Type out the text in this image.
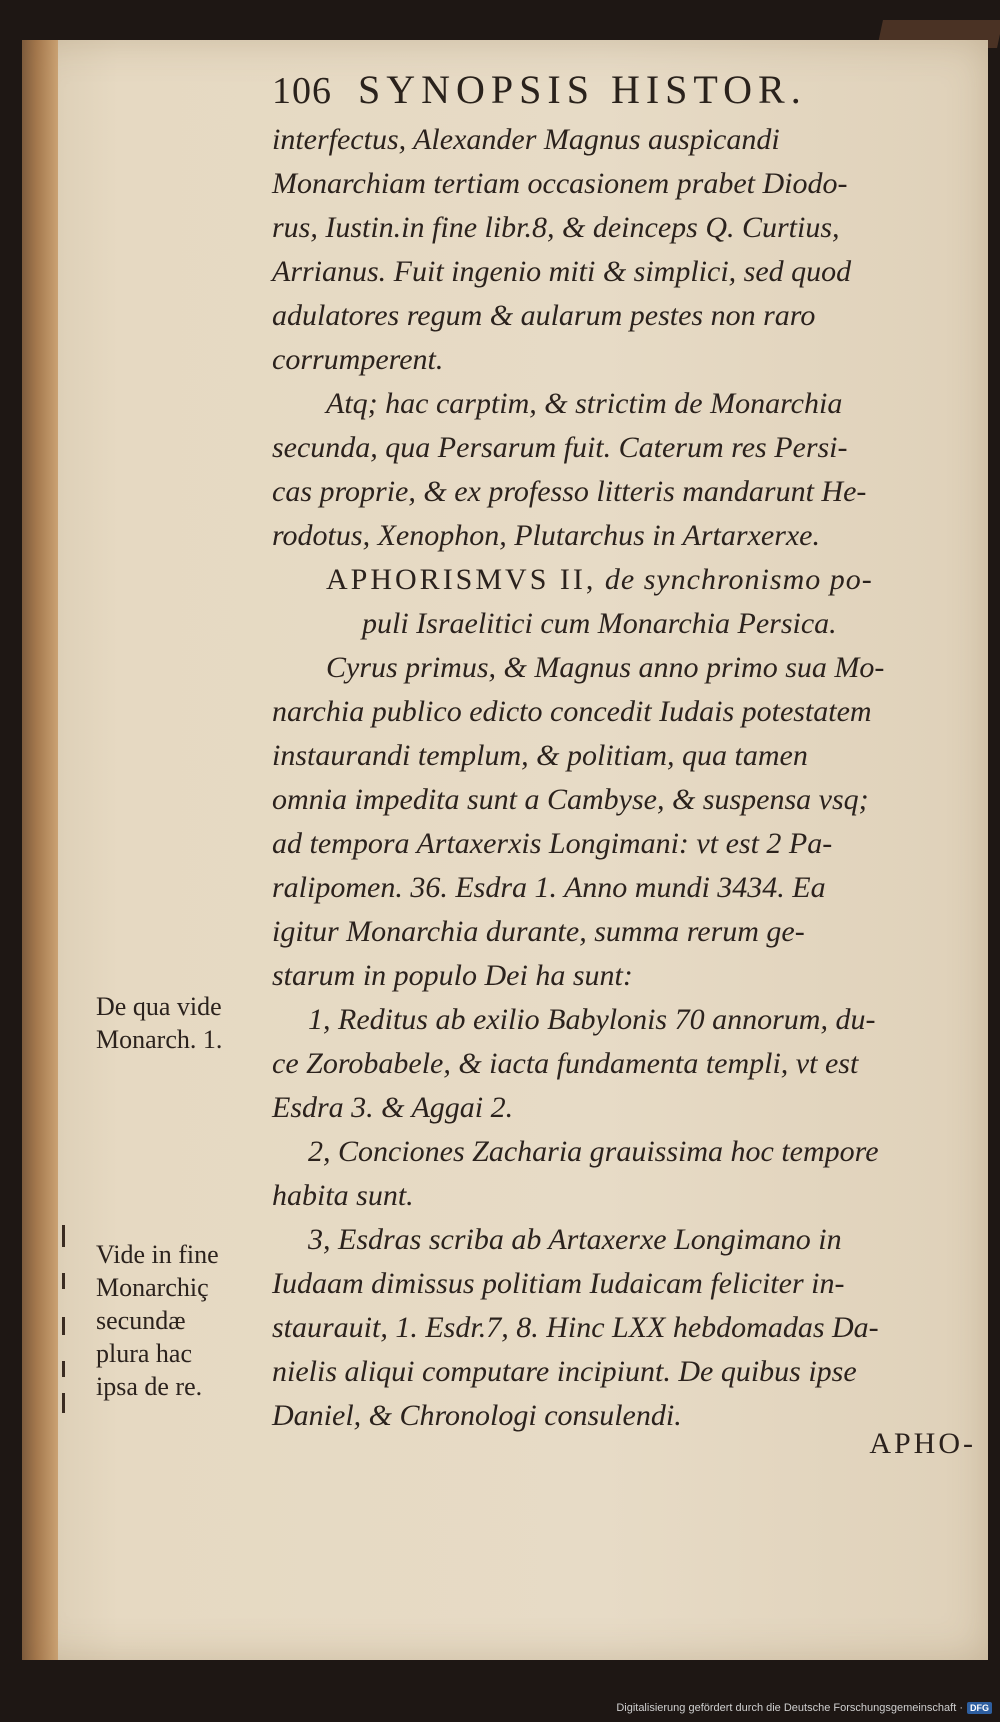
106 SYNOPSIS HISTOR.
interfectus, Alexander Magnus auspicandi
Monarchiam tertiam occasionem prabet Diodo-
rus, Iustin.in fine libr.8, & deinceps Q. Curtius,
Arrianus. Fuit ingenio miti & simplici, sed quod
adulatores regum & aularum pestes non raro
corrumperent.
Atq; hac carptim, & strictim de Monarchia
secunda, qua Persarum fuit. Caterum res Persi-
cas proprie, & ex professo litteris mandarunt He-
rodotus, Xenophon, Plutarchus in Artarxerxe.
APHORISMVS II, de synchronismo po-
puli Israelitici cum Monarchia Persica.
Cyrus primus, & Magnus anno primo sua Mo-
narchia publico edicto concedit Iudais potestatem
instaurandi templum, & politiam, qua tamen
omnia impedita sunt a Cambyse, & suspensa vsq;
ad tempora Artaxerxis Longimani: vt est 2 Pa-
ralipomen. 36. Esdra 1. Anno mundi 3434. Ea
igitur Monarchia durante, summa rerum ge-
starum in populo Dei ha sunt:
1, Reditus ab exilio Babylonis 70 annorum, du-
ce Zorobabele, & iacta fundamenta templi, vt est
Esdra 3. & Aggai 2.
2, Conciones Zacharia grauissima hoc tempore
habita sunt.
3, Esdras scriba ab Artaxerxe Longimano in
Iudaam dimissus politiam Iudaicam feliciter in-
staurauit, 1. Esdr.7, 8. Hinc LXX hebdomadas Da-
nielis aliqui computare incipiunt. De quibus ipse
Daniel, & Chronologi consulendi.
De qua vide
Monarch. 1.
Vide in fine
Monarchiç
secundæ
plura hac
ipsa de re.
APHO-
Digitalisierung gefördert durch die Deutsche Forschungsgemeinschaft · DFG
